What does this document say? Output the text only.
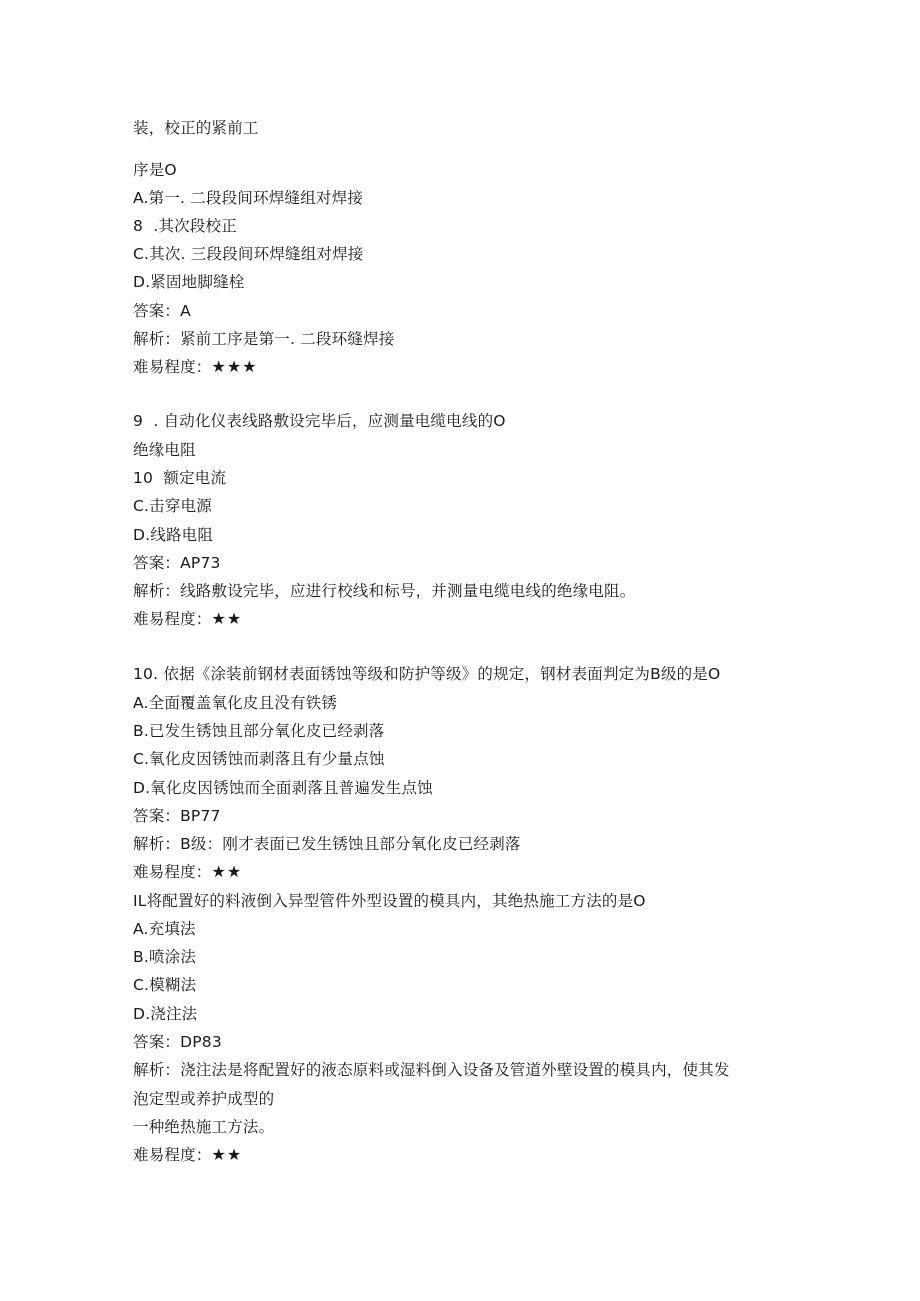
装，校正的紧前工
序是O
A.第一. 二段段间环焊缝组对焊接
8  .其次段校正
C.其次. 三段段间环焊缝组对焊接
D.紧固地脚缝栓
答案：A
解析：紧前工序是第一. 二段环缝焊接
难易程度：★★★
9  . 自动化仪表线路敷设完毕后，应测量电缆电线的O
绝缘电阻
10  额定电流
C.击穿电源
D.线路电阻
答案：AP73
解析：线路敷设完毕，应进行校线和标号，并测量电缆电线的绝缘电阻。
难易程度：★★
10. 依据《涂装前钢材表面锈蚀等级和防护等级》的规定，钢材表面判定为B级的是O
A.全面覆盖氧化皮且没有铁锈
B.已发生锈蚀且部分氧化皮已经剥落
C.氧化皮因锈蚀而剥落且有少量点蚀
D.氧化皮因锈蚀而全面剥落且普遍发生点蚀
答案：BP77
解析：B级：刚才表面已发生锈蚀且部分氧化皮已经剥落
难易程度：★★
IL将配置好的料液倒入异型管件外型设置的模具内，其绝热施工方法的是O
A.充填法
B.喷涂法
C.模糊法
D.浇注法
答案：DP83
解析：浇注法是将配置好的液态原料或湿料倒入设备及管道外壁设置的模具内，使其发
泡定型或养护成型的
一种绝热施工方法。
难易程度：★★
